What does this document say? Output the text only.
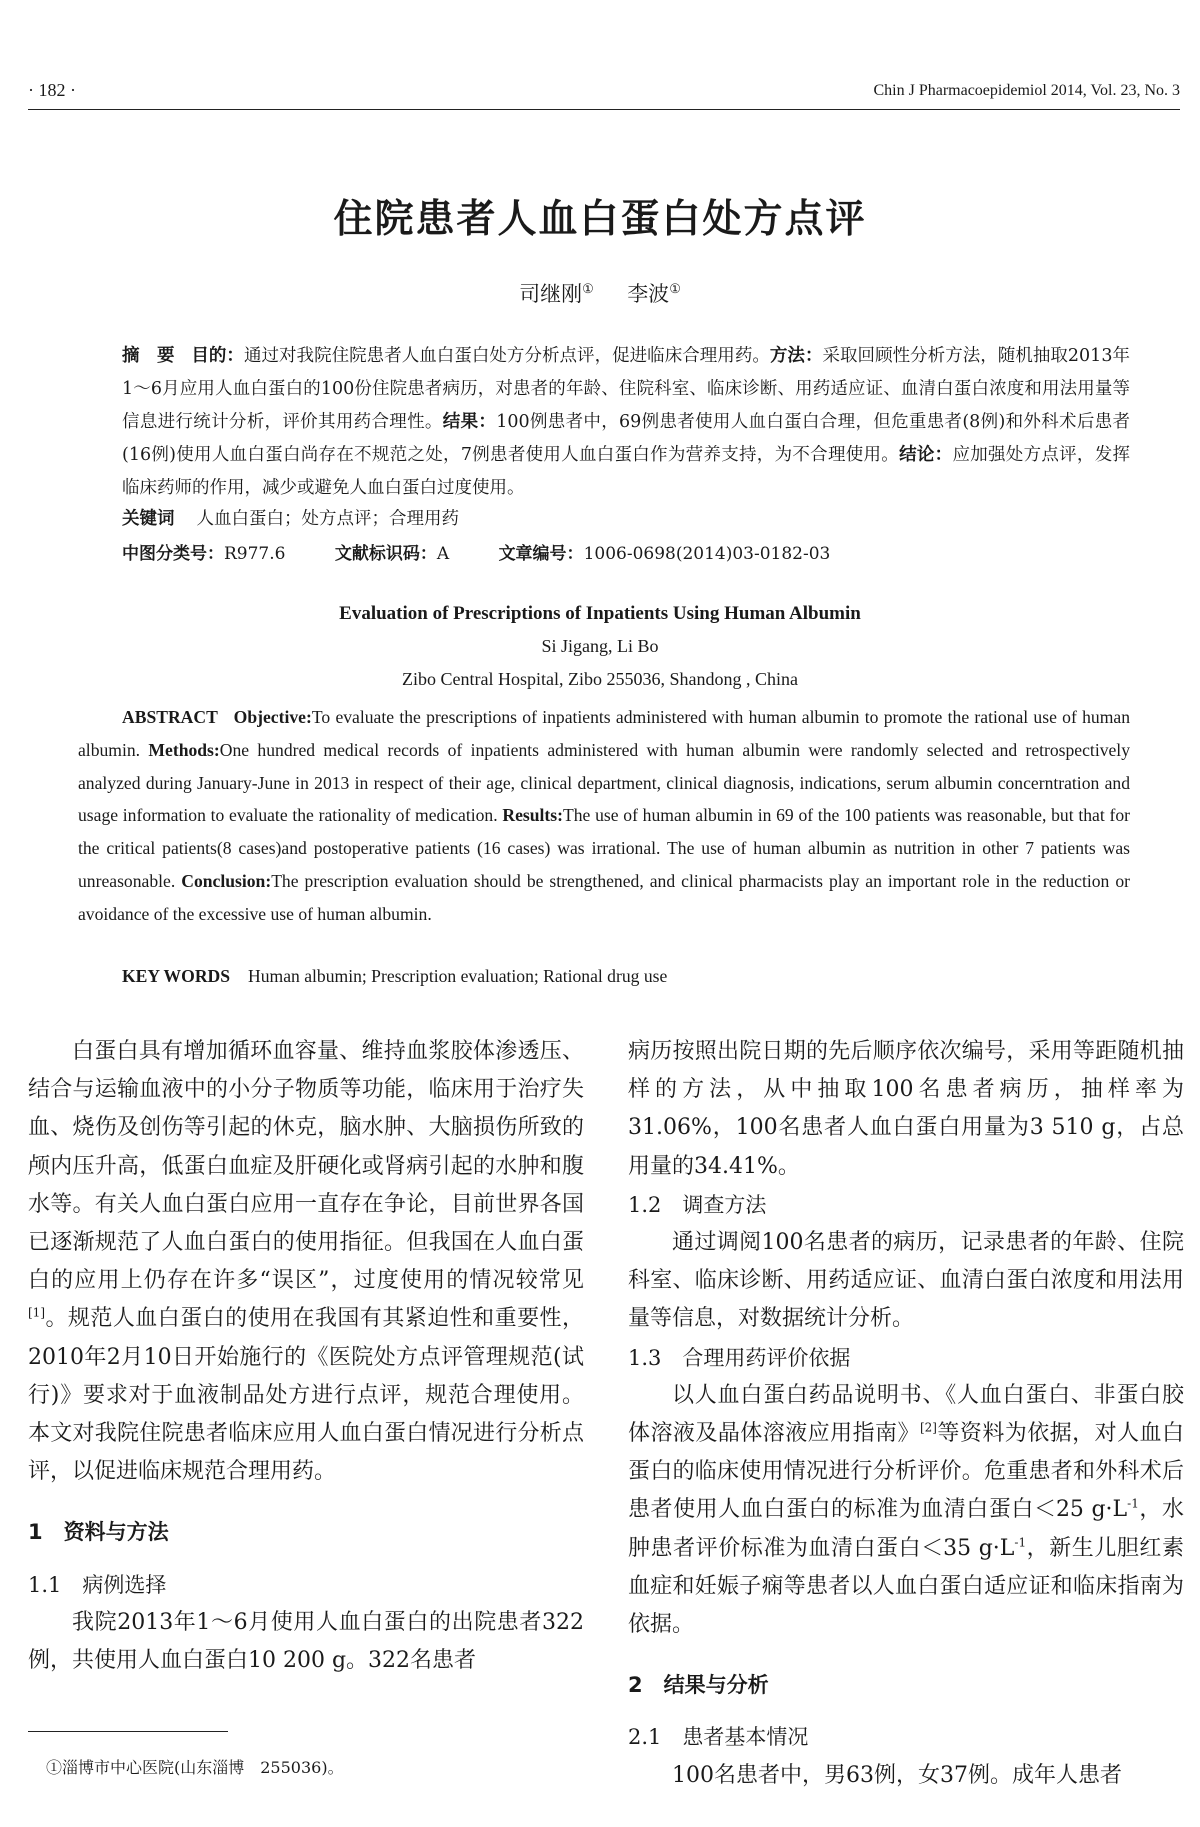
· 182 ·	Chin J Pharmacoepidemiol 2014, Vol. 23, No. 3
住院患者人血白蛋白处方点评
司继刚① 李波①

摘　要 目的：通过对我院住院患者人血白蛋白处方分析点评，促进临床合理用药。方法：采取回顾性分析方法，随机抽取2013年1～6月应用人血白蛋白的100份住院患者病历，对患者的年龄、住院科室、临床诊断、用药适应证、血清白蛋白浓度和用法用量等信息进行统计分析，评价其用药合理性。结果：100例患者中，69例患者使用人血白蛋白合理，但危重患者(8例)和外科术后患者(16例)使用人血白蛋白尚存在不规范之处，7例患者使用人血白蛋白作为营养支持，为不合理使用。结论：应加强处方点评，发挥临床药师的作用，减少或避免人血白蛋白过度使用。

关键词 人血白蛋白；处方点评；合理用药
中图分类号：R977.6	文献标识码：A	文章编号：1006-0698(2014)03-0182-03
Evaluation of Prescriptions of Inpatients Using Human Albumin
Si Jigang, Li Bo
Zibo Central Hospital, Zibo 255036, Shandong , China

ABSTRACT Objective:To evaluate the prescriptions of inpatients administered with human albumin to promote the rational use of human albumin. Methods:One hundred medical records of inpatients administered with human albumin were randomly selected and retrospectively analyzed during January-June in 2013 in respect of their age, clinical department, clinical diagnosis, indications, serum albumin concerntration and usage information to evaluate the rationality of medication. Results:The use of human albumin in 69 of the 100 patients was reasonable, but that for the critical patients(8 cases)and postoperative patients (16 cases) was irrational. The use of human albumin as nutrition in other 7 patients was unreasonable. Conclusion:The prescription evaluation should be strengthened, and clinical pharmacists play an important role in the reduction or avoidance of the excessive use of human albumin.

KEY WORDS Human albumin; Prescription evaluation; Rational drug use

白蛋白具有增加循环血容量、维持血浆胶体渗透压、结合与运输血液中的小分子物质等功能，临床用于治疗失血、烧伤及创伤等引起的休克，脑水肿、大脑损伤所致的颅内压升高，低蛋白血症及肝硬化或肾病引起的水肿和腹水等。有关人血白蛋白应用一直存在争论，目前世界各国已逐渐规范了人血白蛋白的使用指征。但我国在人血白蛋白的应用上仍存在许多“误区”，过度使用的情况较常见[1]。规范人血白蛋白的使用在我国有其紧迫性和重要性，2010年2月10日开始施行的《医院处方点评管理规范(试行)》要求对于血液制品处方进行点评，规范合理使用。本文对我院住院患者临床应用人血白蛋白情况进行分析点评，以促进临床规范合理用药。

1　资料与方法
1.1　病例选择

我院2013年1～6月使用人血白蛋白的出院患者322例，共使用人血白蛋白10 200 g。322名患者

病历按照出院日期的先后顺序依次编号，采用等距随机抽样的方法，从中抽取100名患者病历，抽样率为31.06%，100名患者人血白蛋白用量为3 510 g，占总用量的34.41%。

1.2　调查方法

通过调阅100名患者的病历，记录患者的年龄、住院科室、临床诊断、用药适应证、血清白蛋白浓度和用法用量等信息，对数据统计分析。

1.3　合理用药评价依据

以人血白蛋白药品说明书、《人血白蛋白、非蛋白胶体溶液及晶体溶液应用指南》[2]等资料为依据，对人血白蛋白的临床使用情况进行分析评价。危重患者和外科术后患者使用人血白蛋白的标准为血清白蛋白＜25 $g\cdot L^{-1}$，水肿患者评价标准为血清白蛋白＜35 $g\cdot L^{-1}$，新生儿胆红素血症和妊娠子痫等患者以人血白蛋白适应证和临床指南为依据。

2　结果与分析
2.1　患者基本情况

100名患者中，男63例，女37例。成年人患者

①淄博市中心医院(山东淄博　255036)。
